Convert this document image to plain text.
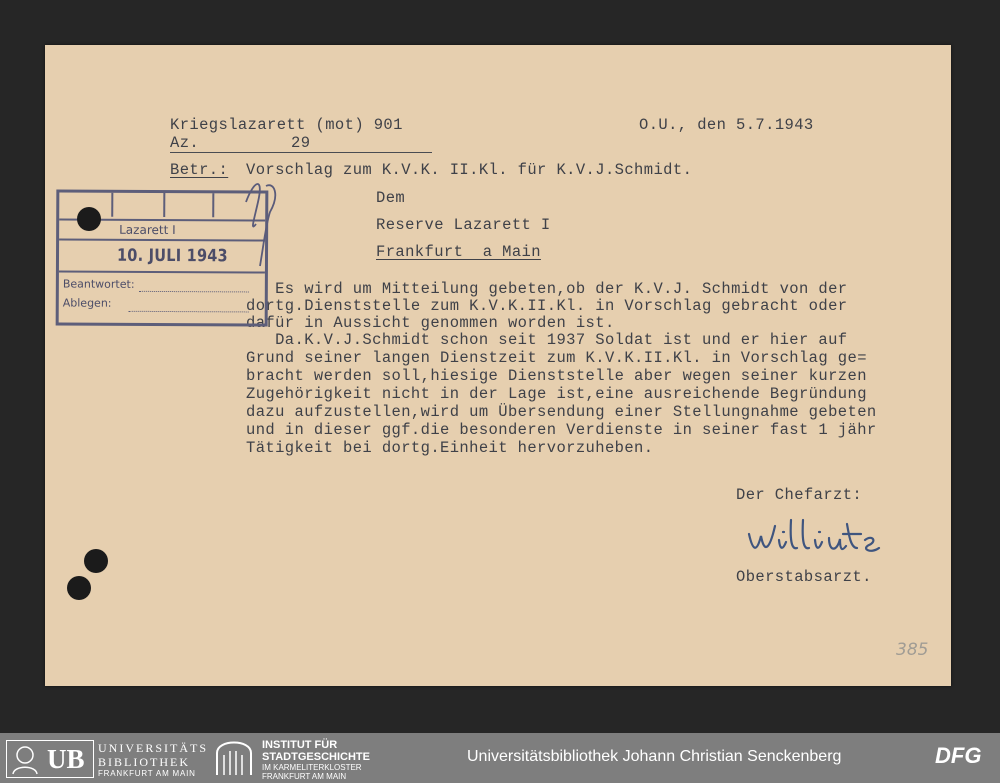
Kriegslazarett (mot) 901	O.U., den 5.7.1943
Az.	29
Betr.: Vorschlag zum K.V.K. II.Kl. für K.V.J.Schmidt.
Dem
Reserve Lazarett I
Frankfurt  a Main
Es wird um Mitteilung gebeten,ob der K.V.J. Schmidt von der
dortg.Dienststelle zum K.V.K.II.Kl. in Vorschlag gebracht oder
dafür in Aussicht genommen worden ist.
Da.K.V.J.Schmidt schon seit 1937 Soldat ist und er hier auf
Grund seiner langen Dienstzeit zum K.V.K.II.Kl. in Vorschlag ge=
bracht werden soll,hiesige Dienststelle aber wegen seiner kurzen
Zugehörigkeit nicht in der Lage ist,eine ausreichende Begründung
dazu aufzustellen,wird um Übersendung einer Stellungnahme gebeten
und in dieser ggf.die besonderen Verdienste in seiner fast 1 jähr
Tätigkeit bei dortg.Einheit hervorzuheben.
Der Chefarzt:
Oberstabsarzt.
385
Lazarett I
10. JULI 1943
Beantwortet:
Ablegen:
UB UNIVERSITÄTS
BIBLIOTHEK
FRANKFURT AM MAIN
INSTITUT FÜR
STADTGESCHICHTE
IM KARMELITERKLOSTER
FRANKFURT AM MAIN
Universitätsbibliothek Johann Christian Senckenberg	DFG
